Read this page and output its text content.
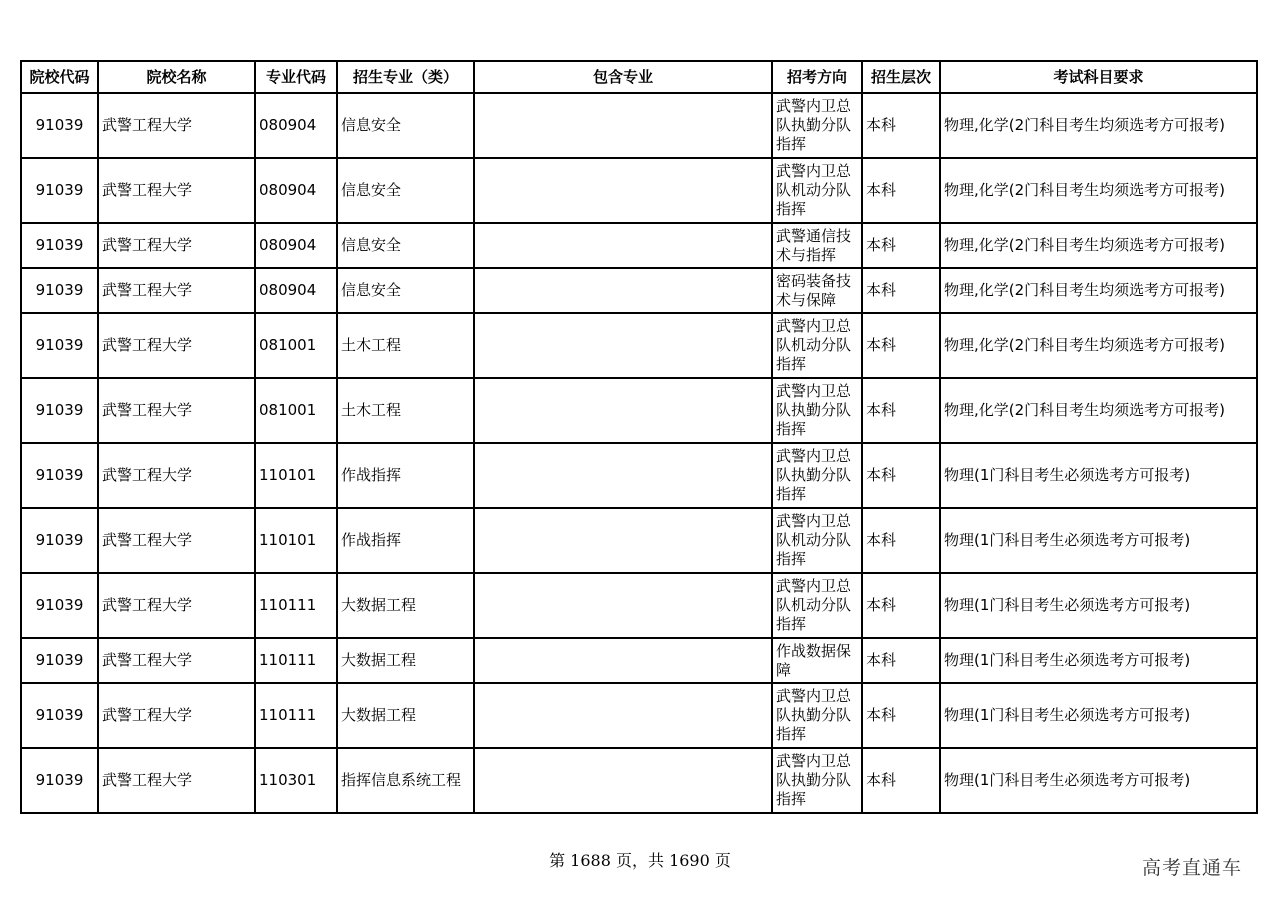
院校代码	院校名称	专业代码	招生专业（类）	包含专业	招考方向	招生层次	考试科目要求
91039	武警工程大学	080904	信息安全		武警内卫总队执勤分队指挥	本科	物理,化学(2门科目考生均须选考方可报考)
91039	武警工程大学	080904	信息安全		武警内卫总队机动分队指挥	本科	物理,化学(2门科目考生均须选考方可报考)
91039	武警工程大学	080904	信息安全		武警通信技术与指挥	本科	物理,化学(2门科目考生均须选考方可报考)
91039	武警工程大学	080904	信息安全		密码装备技术与保障	本科	物理,化学(2门科目考生均须选考方可报考)
91039	武警工程大学	081001	土木工程		武警内卫总队机动分队指挥	本科	物理,化学(2门科目考生均须选考方可报考)
91039	武警工程大学	081001	土木工程		武警内卫总队执勤分队指挥	本科	物理,化学(2门科目考生均须选考方可报考)
91039	武警工程大学	110101	作战指挥		武警内卫总队执勤分队指挥	本科	物理(1门科目考生必须选考方可报考)
91039	武警工程大学	110101	作战指挥		武警内卫总队机动分队指挥	本科	物理(1门科目考生必须选考方可报考)
91039	武警工程大学	110111	大数据工程		武警内卫总队机动分队指挥	本科	物理(1门科目考生必须选考方可报考)
91039	武警工程大学	110111	大数据工程		作战数据保障	本科	物理(1门科目考生必须选考方可报考)
91039	武警工程大学	110111	大数据工程		武警内卫总队执勤分队指挥	本科	物理(1门科目考生必须选考方可报考)
91039	武警工程大学	110301	指挥信息系统工程		武警内卫总队执勤分队指挥	本科	物理(1门科目考生必须选考方可报考)
第 1688 页，共 1690 页	高考直通车
